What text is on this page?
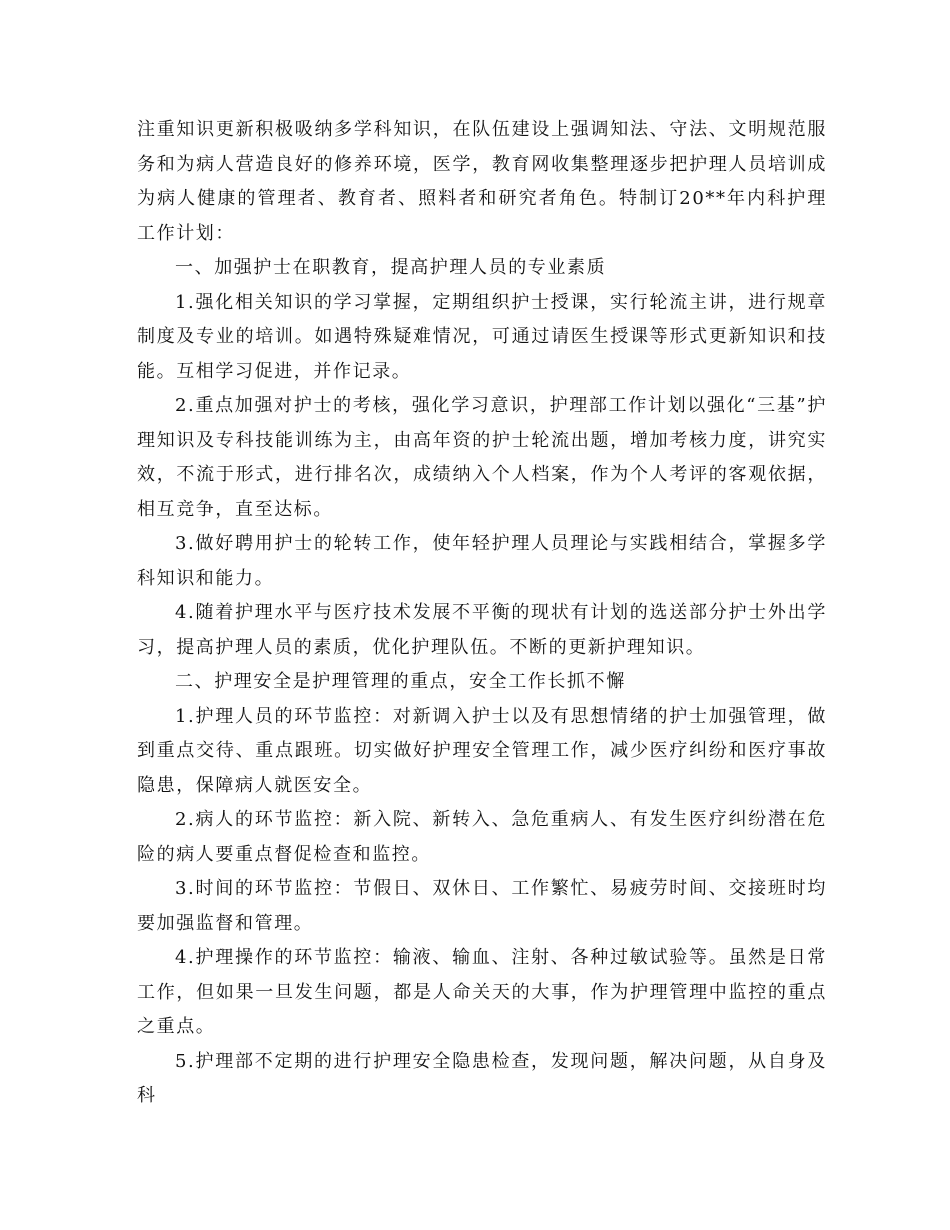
注重知识更新积极吸纳多学科知识，在队伍建设上强调知法、守法、文明规范服务和为病人营造良好的修养环境，医学，教育网收集整理逐步把护理人员培训成为病人健康的管理者、教育者、照料者和研究者角色。特制订20**年内科护理工作计划：

一、加强护士在职教育，提高护理人员的专业素质

1.强化相关知识的学习掌握，定期组织护士授课，实行轮流主讲，进行规章制度及专业的培训。如遇特殊疑难情况，可通过请医生授课等形式更新知识和技能。互相学习促进，并作记录。

2.重点加强对护士的考核，强化学习意识，护理部工作计划以强化“三基”护理知识及专科技能训练为主，由高年资的护士轮流出题，增加考核力度，讲究实效，不流于形式，进行排名次，成绩纳入个人档案，作为个人考评的客观依据，相互竞争，直至达标。

3.做好聘用护士的轮转工作，使年轻护理人员理论与实践相结合，掌握多学科知识和能力。

4.随着护理水平与医疗技术发展不平衡的现状有计划的选送部分护士外出学习，提高护理人员的素质，优化护理队伍。不断的更新护理知识。

二、护理安全是护理管理的重点，安全工作长抓不懈

1.护理人员的环节监控：对新调入护士以及有思想情绪的护士加强管理，做到重点交待、重点跟班。切实做好护理安全管理工作，减少医疗纠纷和医疗事故隐患，保障病人就医安全。

2.病人的环节监控：新入院、新转入、急危重病人、有发生医疗纠纷潜在危险的病人要重点督促检查和监控。

3.时间的环节监控：节假日、双休日、工作繁忙、易疲劳时间、交接班时均要加强监督和管理。

4.护理操作的环节监控：输液、输血、注射、各种过敏试验等。虽然是日常工作，但如果一旦发生问题，都是人命关天的大事，作为护理管理中监控的重点之重点。

5.护理部不定期的进行护理安全隐患检查，发现问题，解决问题，从自身及科
